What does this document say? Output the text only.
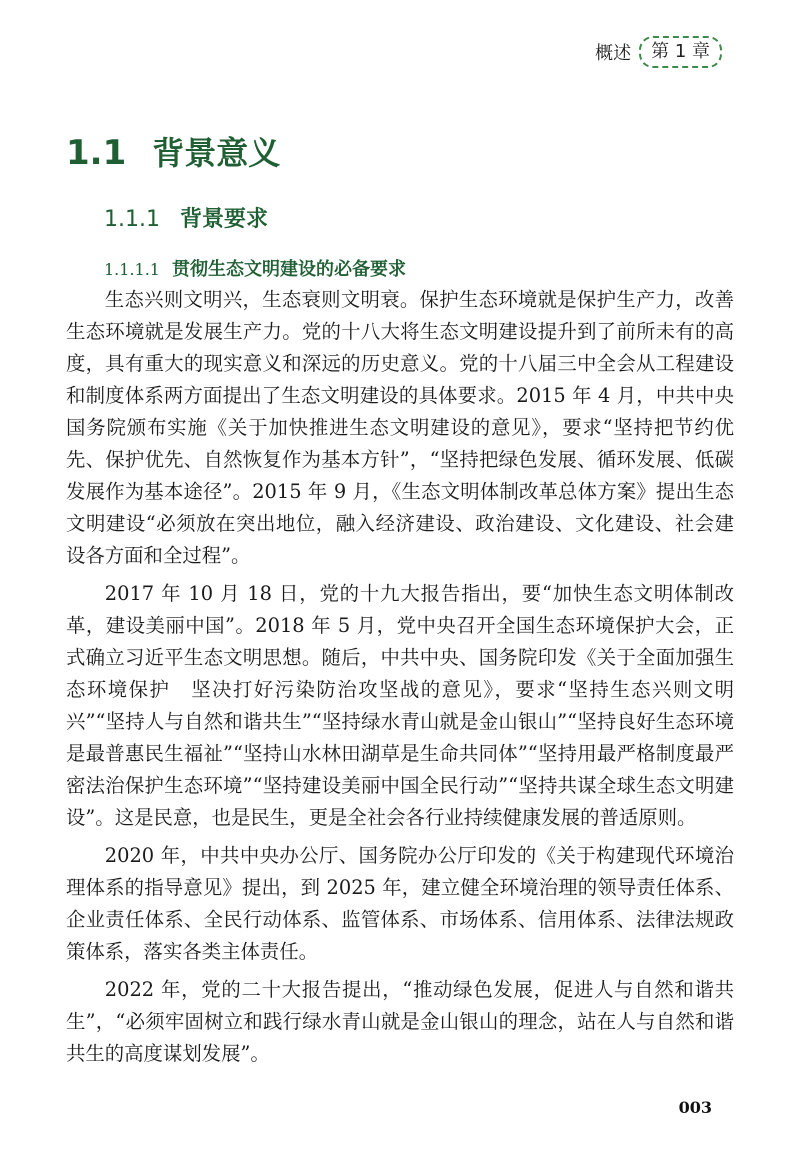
概述	第 1 章
1.1 背景意义
1.1.1 背景要求
1.1.1.1 贯彻生态文明建设的必备要求

生态兴则文明兴，生态衰则文明衰。保护生态环境就是保护生产力，改善生态环境就是发展生产力。党的十八大将生态文明建设提升到了前所未有的高度，具有重大的现实意义和深远的历史意义。党的十八届三中全会从工程建设和制度体系两方面提出了生态文明建设的具体要求。2015 年 4 月，中共中央国务院颁布实施《关于加快推进生态文明建设的意见》，要求“坚持把节约优先、保护优先、自然恢复作为基本方针”，“坚持把绿色发展、循环发展、低碳发展作为基本途径”。2015 年 9 月，《生态文明体制改革总体方案》提出生态文明建设“必须放在突出地位，融入经济建设、政治建设、文化建设、社会建设各方面和全过程”。

2017 年 10 月 18 日，党的十九大报告指出，要“加快生态文明体制改革，建设美丽中国”。2018 年 5 月，党中央召开全国生态环境保护大会，正式确立习近平生态文明思想。随后，中共中央、国务院印发《关于全面加强生态环境保护　坚决打好污染防治攻坚战的意见》，要求“坚持生态兴则文明兴”“坚持人与自然和谐共生”“坚持绿水青山就是金山银山”“坚持良好生态环境是最普惠民生福祉”“坚持山水林田湖草是生命共同体”“坚持用最严格制度最严密法治保护生态环境”“坚持建设美丽中国全民行动”“坚持共谋全球生态文明建设”。这是民意，也是民生，更是全社会各行业持续健康发展的普适原则。

2020 年，中共中央办公厅、国务院办公厅印发的《关于构建现代环境治理体系的指导意见》提出，到 2025 年，建立健全环境治理的领导责任体系、企业责任体系、全民行动体系、监管体系、市场体系、信用体系、法律法规政策体系，落实各类主体责任。

2022 年，党的二十大报告提出，“推动绿色发展，促进人与自然和谐共生”，“必须牢固树立和践行绿水青山就是金山银山的理念，站在人与自然和谐共生的高度谋划发展”。

003
